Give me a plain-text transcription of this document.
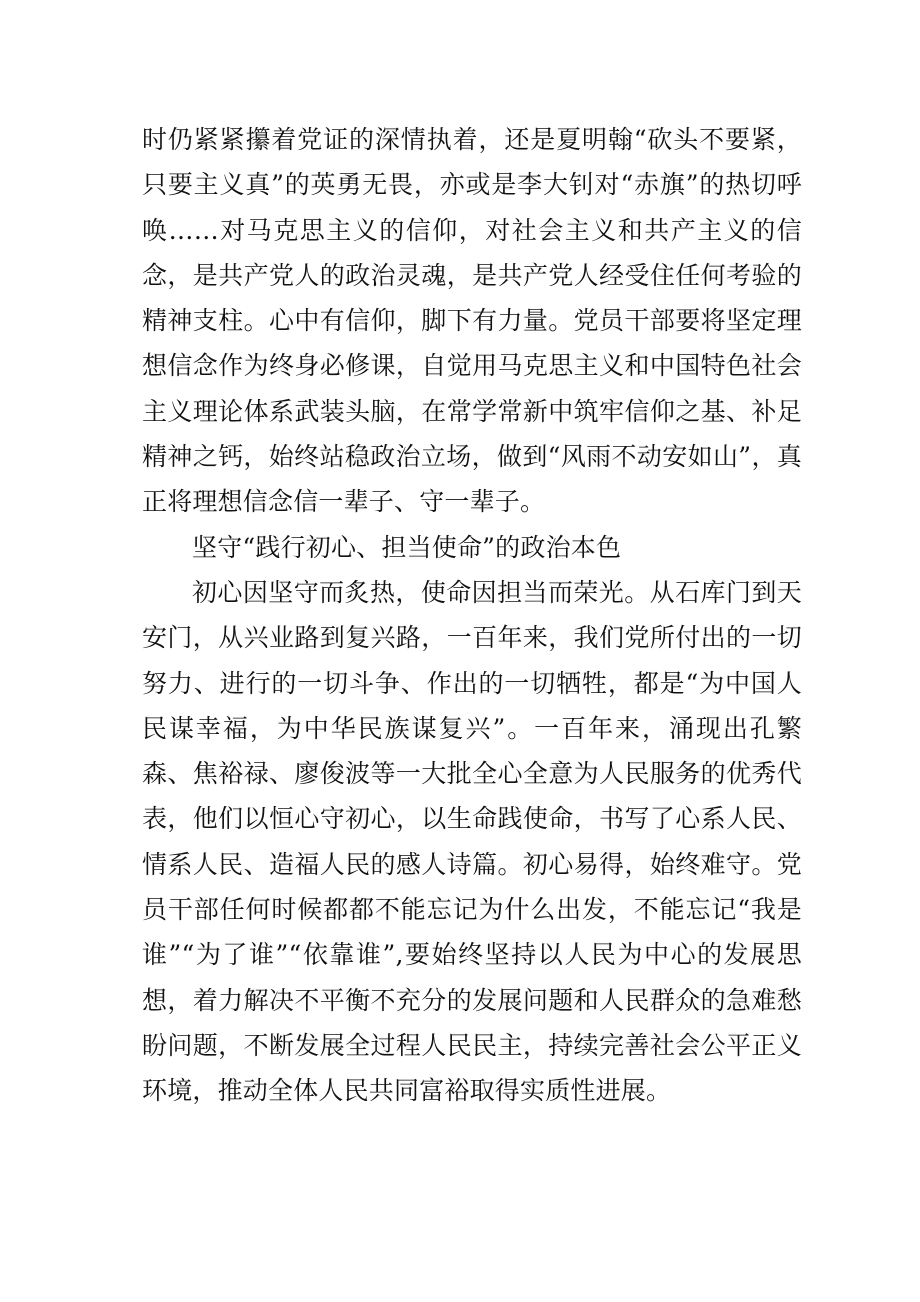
时仍紧紧攥着党证的深情执着，还是夏明翰“砍头不要紧，只要主义真”的英勇无畏，亦或是李大钊对“赤旗”的热切呼唤……对马克思主义的信仰，对社会主义和共产主义的信念，是共产党人的政治灵魂，是共产党人经受住任何考验的精神支柱。心中有信仰，脚下有力量。党员干部要将坚定理想信念作为终身必修课，自觉用马克思主义和中国特色社会主义理论体系武装头脑，在常学常新中筑牢信仰之基、补足精神之钙，始终站稳政治立场，做到“风雨不动安如山”，真正将理想信念信一辈子、守一辈子。

坚守“践行初心、担当使命”的政治本色

初心因坚守而炙热，使命因担当而荣光。从石库门到天安门，从兴业路到复兴路，一百年来，我们党所付出的一切努力、进行的一切斗争、作出的一切牺牲，都是“为中国人民谋幸福，为中华民族谋复兴”。一百年来，涌现出孔繁森、焦裕禄、廖俊波等一大批全心全意为人民服务的优秀代表，他们以恒心守初心，以生命践使命，书写了心系人民、情系人民、造福人民的感人诗篇。初心易得，始终难守。党员干部任何时候都都不能忘记为什么出发，不能忘记“我是谁”“为了谁”“依靠谁”,要始终坚持以人民为中心的发展思想，着力解决不平衡不充分的发展问题和人民群众的急难愁盼问题，不断发展全过程人民民主，持续完善社会公平正义环境，推动全体人民共同富裕取得实质性进展。
